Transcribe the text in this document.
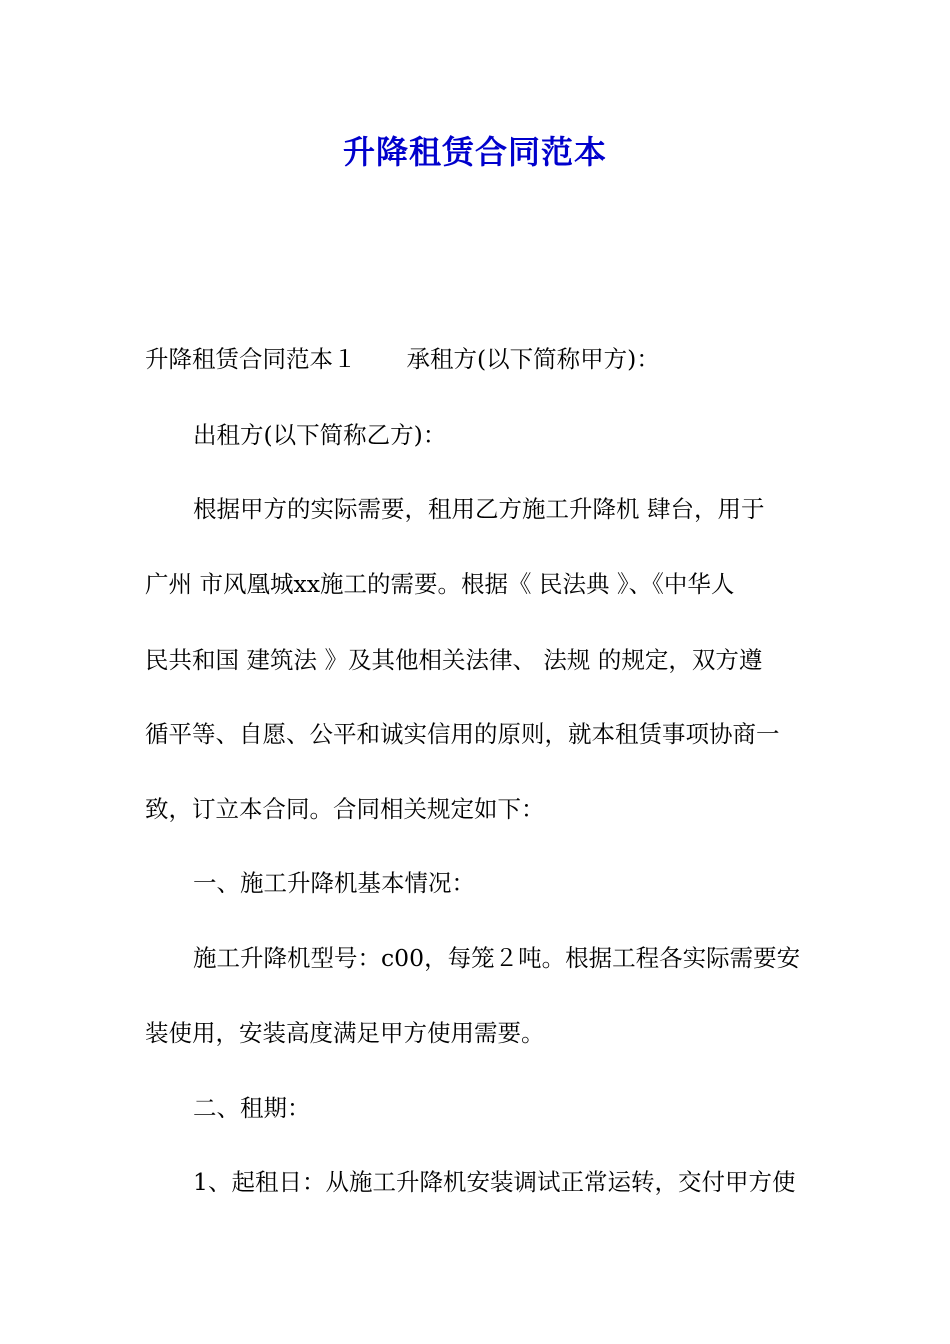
升降租赁合同范本
升降租赁合同范本１ 承租方(以下简称甲方)：
出租方(以下简称乙方)：
根据甲方的实际需要，租用乙方施工升降机 肆台，用于
广州 市风凰城xx施工的需要。根据《 民法典 》、《中华人
民共和国 建筑法 》及其他相关法律、 法规 的规定，双方遵
循平等、自愿、公平和诚实信用的原则，就本租赁事项协商一
致，订立本合同。合同相关规定如下：
一、施工升降机基本情况：
施工升降机型号：c00，每笼２吨。根据工程各实际需要安
装使用，安装高度满足甲方使用需要。
二、租期：
1、起租日：从施工升降机安装调试正常运转，交付甲方使
